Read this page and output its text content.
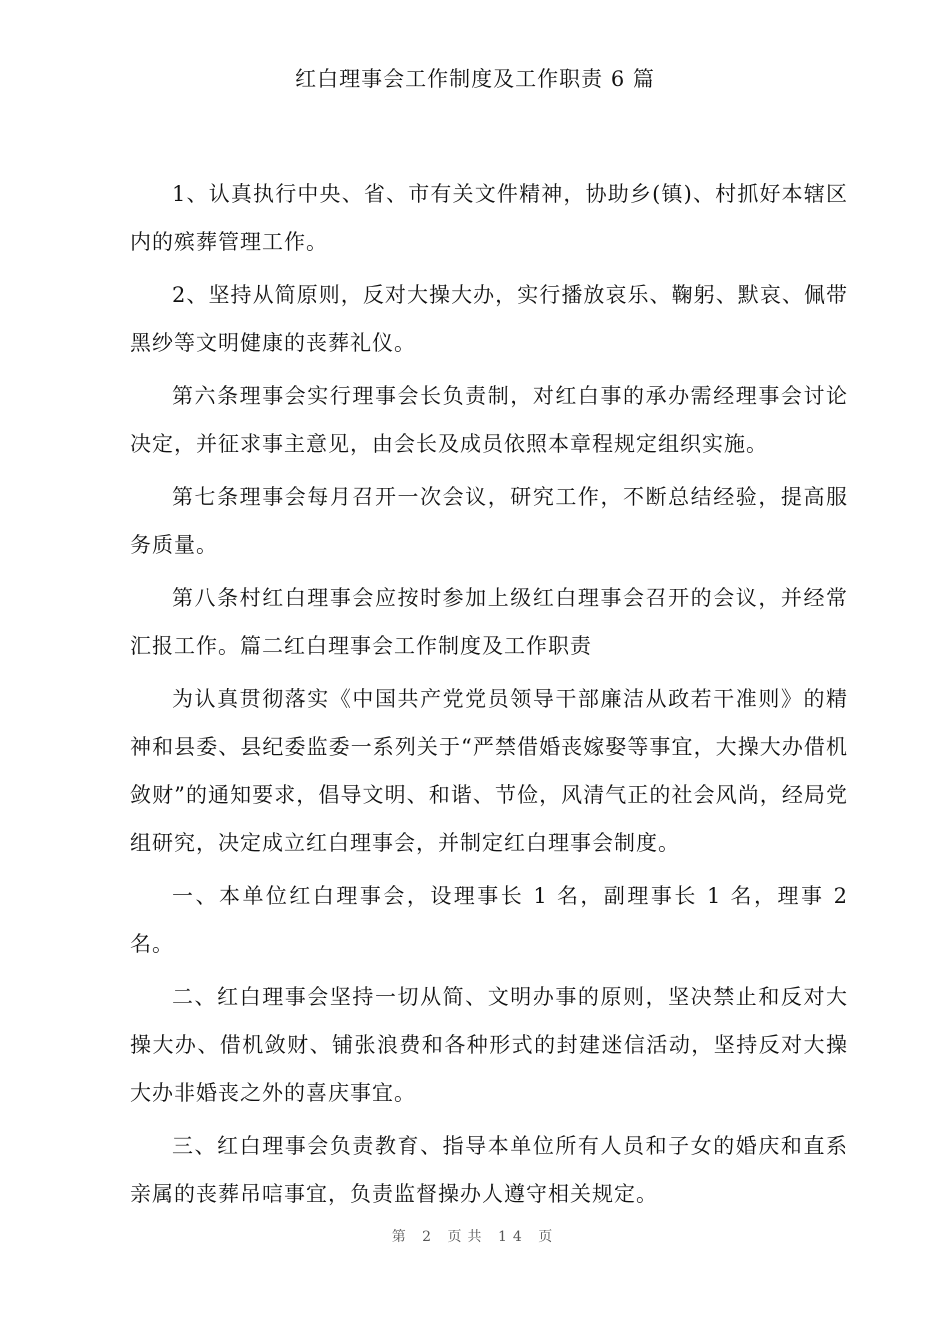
红白理事会工作制度及工作职责 6 篇

1、认真执行中央、省、市有关文件精神，协助乡(镇)、村抓好本辖区内的殡葬管理工作。

2、坚持从简原则，反对大操大办，实行播放哀乐、鞠躬、默哀、佩带黑纱等文明健康的丧葬礼仪。

第六条理事会实行理事会长负责制，对红白事的承办需经理事会讨论决定，并征求事主意见，由会长及成员依照本章程规定组织实施。

第七条理事会每月召开一次会议，研究工作，不断总结经验，提高服务质量。

第八条村红白理事会应按时参加上级红白理事会召开的会议，并经常汇报工作。篇二红白理事会工作制度及工作职责

为认真贯彻落实《中国共产党党员领导干部廉洁从政若干准则》的精神和县委、县纪委监委一系列关于“严禁借婚丧嫁娶等事宜，大操大办借机敛财”的通知要求，倡导文明、和谐、节俭，风清气正的社会风尚，经局党组研究，决定成立红白理事会，并制定红白理事会制度。

一、本单位红白理事会，设理事长 1 名，副理事长 1 名，理事 2 名。

二、红白理事会坚持一切从简、文明办事的原则，坚决禁止和反对大操大办、借机敛财、铺张浪费和各种形式的封建迷信活动，坚持反对大操大办非婚丧之外的喜庆事宜。

三、红白理事会负责教育、指导本单位所有人员和子女的婚庆和直系亲属的丧葬吊唁事宜，负责监督操办人遵守相关规定。

第 2 页共 14 页
